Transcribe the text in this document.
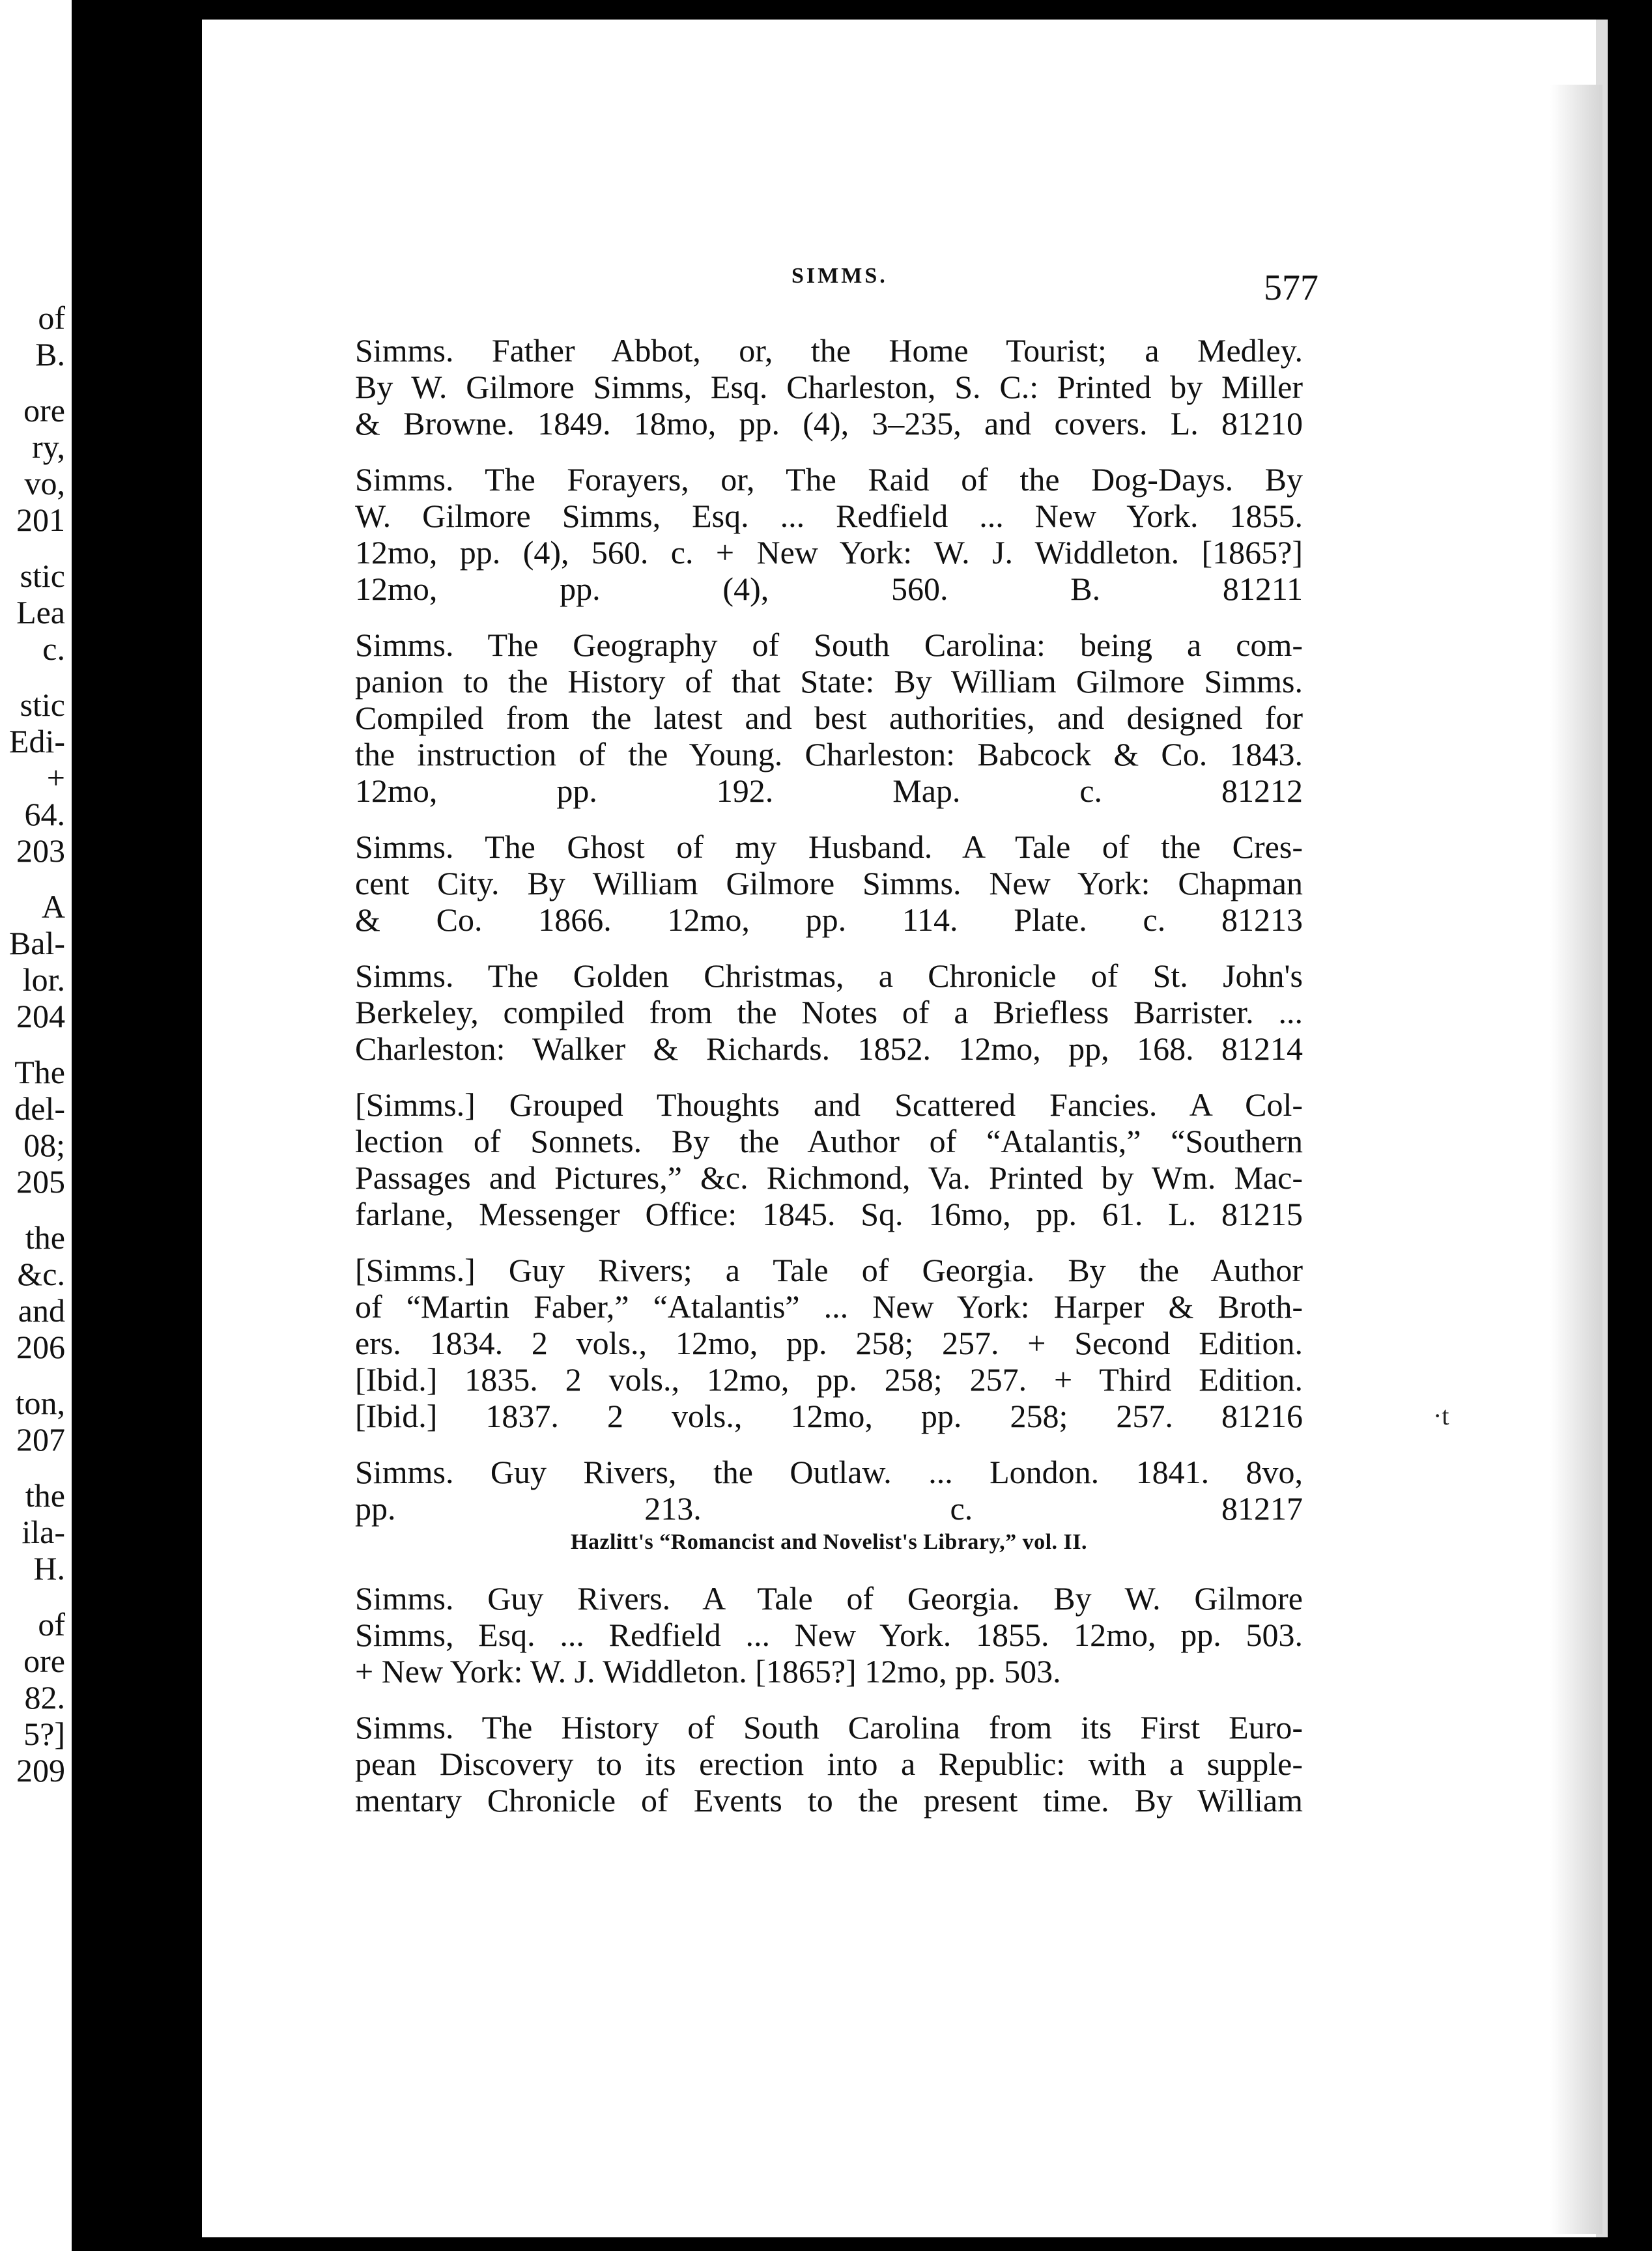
of
B.
ore
ry,
vo,
201
stic
Lea
c.
stic
Edi-
+
64.
203
A
Bal-
lor.
204
The
del-
08;
205
the
&c.
and
206
ton,
207
the
ila-
H.
of
ore
82.
5?]
209
·t
SIMMS.	577
Simms. Father Abbot, or, the Home Tourist; a Medley.
By W. Gilmore Simms, Esq. Charleston, S. C.: Printed by Miller
& Browne. 1849. 18mo, pp. (4), 3–235, and covers. L. 81210
Simms. The Forayers, or, The Raid of the Dog-Days. By
W. Gilmore Simms, Esq. ... Redfield ... New York. 1855.
12mo, pp. (4), 560. c. + New York: W. J. Widdleton. [1865?]
12mo, pp. (4), 560. B. 81211
Simms. The Geography of South Carolina: being a com-
panion to the History of that State: By William Gilmore Simms.
Compiled from the latest and best authorities, and designed for
the instruction of the Young. Charleston: Babcock & Co. 1843.
12mo, pp. 192. Map. c. 81212
Simms. The Ghost of my Husband. A Tale of the Cres-
cent City. By William Gilmore Simms. New York: Chapman
& Co. 1866. 12mo, pp. 114. Plate. c. 81213
Simms. The Golden Christmas, a Chronicle of St. John's
Berkeley, compiled from the Notes of a Briefless Barrister. ...
Charleston: Walker & Richards. 1852. 12mo, pp, 168. 81214
[Simms.] Grouped Thoughts and Scattered Fancies. A Col-
lection of Sonnets. By the Author of “Atalantis,” “Southern
Passages and Pictures,” &c. Richmond, Va. Printed by Wm. Mac-
farlane, Messenger Office: 1845. Sq. 16mo, pp. 61. L. 81215
[Simms.] Guy Rivers; a Tale of Georgia. By the Author
of “Martin Faber,” “Atalantis” ... New York: Harper & Broth-
ers. 1834. 2 vols., 12mo, pp. 258; 257. + Second Edition.
[Ibid.] 1835. 2 vols., 12mo, pp. 258; 257. + Third Edition.
[Ibid.] 1837. 2 vols., 12mo, pp. 258; 257. 81216
Simms. Guy Rivers, the Outlaw. ... London. 1841. 8vo,
pp. 213. c. 81217
Hazlitt's “Romancist and Novelist's Library,” vol. II.
Simms. Guy Rivers. A Tale of Georgia. By W. Gilmore
Simms, Esq. ... Redfield ... New York. 1855. 12mo, pp. 503.
+ New York: W. J. Widdleton. [1865?] 12mo, pp. 503.
Simms. The History of South Carolina from its First Euro-
pean Discovery to its erection into a Republic: with a supple-
mentary Chronicle of Events to the present time. By William
